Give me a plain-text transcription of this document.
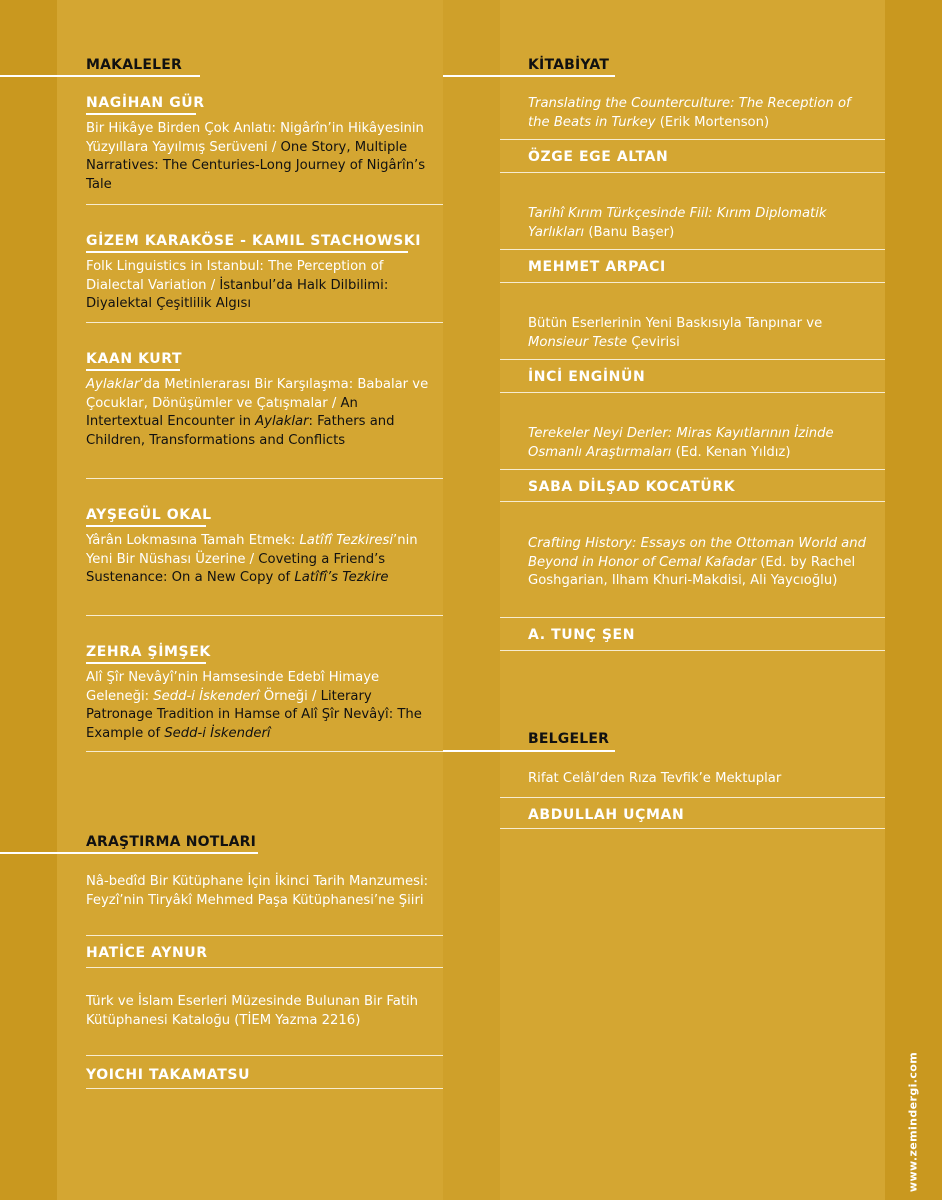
MAKALELER

NAGİHAN GÜR

Bir Hikâye Birden Çok Anlatı: Nigârîn’in Hikâyesinin Yüzyıllara Yayılmış Serüveni / One Story, Multiple Narratives: The Centuries-Long Journey of Nigârîn’s Tale

GİZEM KARAKÖSE - KAMIL STACHOWSKI

Folk Linguistics in Istanbul: The Perception of Dialectal Variation / İstanbul’da Halk Dilbilimi: Diyalektal Çeşitlilik Algısı

KAAN KURT

Aylaklar’da Metinlerarası Bir Karşılaşma: Babalar ve Çocuklar, Dönüşümler ve Çatışmalar / An Intertextual Encounter in Aylaklar: Fathers and Children, Transformations and Conflicts

AYŞEGÜL OKAL

Yârân Lokmasına Tamah Etmek: Latîfî Tezkiresi’nin Yeni Bir Nüshası Üzerine / Coveting a Friend’s Sustenance: On a New Copy of Latîfî’s Tezkire

ZEHRA ŞİMŞEK

Alî Şîr Nevâyî’nin Hamsesinde Edebî Himaye Geleneği: Sedd-i İskenderî Örneği / Literary Patronage Tradition in Hamse of Alî Şîr Nevâyî: The Example of Sedd-i İskenderî

ARAŞTIRMA NOTLARI

Nâ-bedîd Bir Kütüphane İçin İkinci Tarih Manzumesi: Feyzî’nin Tiryâkî Mehmed Paşa Kütüphanesi’ne Şiiri

HATİCE AYNUR

Türk ve İslam Eserleri Müzesinde Bulunan Bir Fatih Kütüphanesi Kataloğu (TİEM Yazma 2216)

YOICHI TAKAMATSU

KİTABİYAT

Translating the Counterculture: The Reception of the Beats in Turkey (Erik Mortenson)

ÖZGE EGE ALTAN

Tarihî Kırım Türkçesinde Fiil: Kırım Diplomatik Yarlıkları (Banu Başer)

MEHMET ARPACI

Bütün Eserlerinin Yeni Baskısıyla Tanpınar ve Monsieur Teste Çevirisi

İNCİ ENGİNÜN

Terekeler Neyi Derler: Miras Kayıtlarının İzinde Osmanlı Araştırmaları (Ed. Kenan Yıldız)

SABA DİLŞAD KOCATÜRK

Crafting History: Essays on the Ottoman World and Beyond in Honor of Cemal Kafadar (Ed. by Rachel Goshgarian, Ilham Khuri-Makdisi, Ali Yaycıoğlu)

A. TUNÇ ŞEN

BELGELER

Rifat Celâl’den Rıza Tevfik’e Mektuplar

ABDULLAH UÇMAN

www.zemindergi.com
